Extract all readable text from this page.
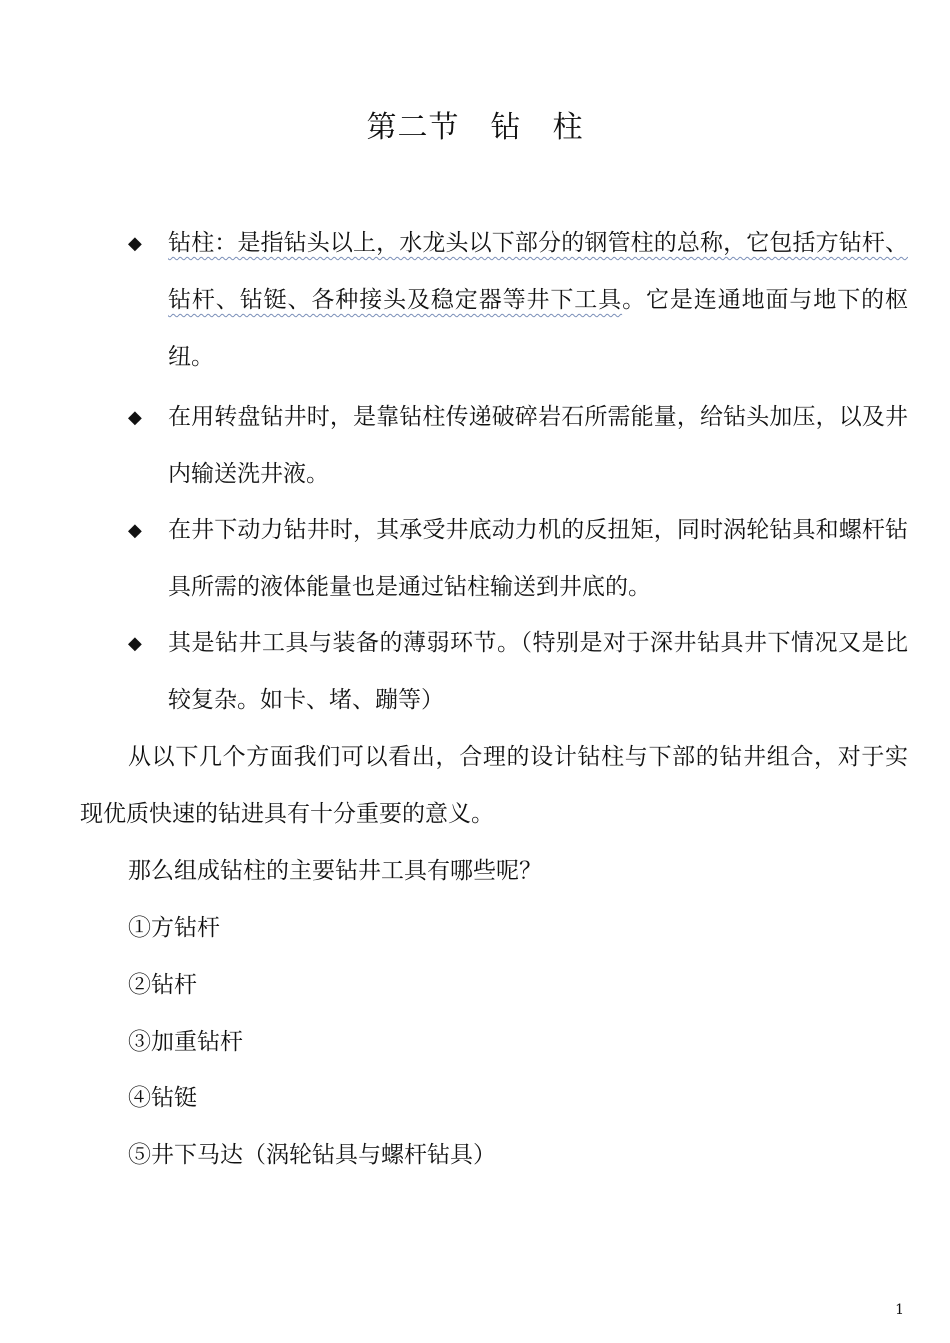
第二节　钻　柱
◆ 钻柱：是指钻头以上，水龙头以下部分的钢管柱的总称，它包括方钻杆、钻杆、钻铤、各种接头及稳定器等井下工具。它是连通地面与地下的枢纽。
◆ 在用转盘钻井时，是靠钻柱传递破碎岩石所需能量，给钻头加压，以及井内输送洗井液。
◆ 在井下动力钻井时，其承受井底动力机的反扭矩，同时涡轮钻具和螺杆钻具所需的液体能量也是通过钻柱输送到井底的。
◆ 其是钻井工具与装备的薄弱环节。（特别是对于深井钻具井下情况又是比较复杂。如卡、堵、蹦等）
从以下几个方面我们可以看出，合理的设计钻柱与下部的钻井组合，对于实现优质快速的钻进具有十分重要的意义。
那么组成钻柱的主要钻井工具有哪些呢？
①方钻杆
②钻杆
③加重钻杆
④钻铤
⑤井下马达（涡轮钻具与螺杆钻具）
1
